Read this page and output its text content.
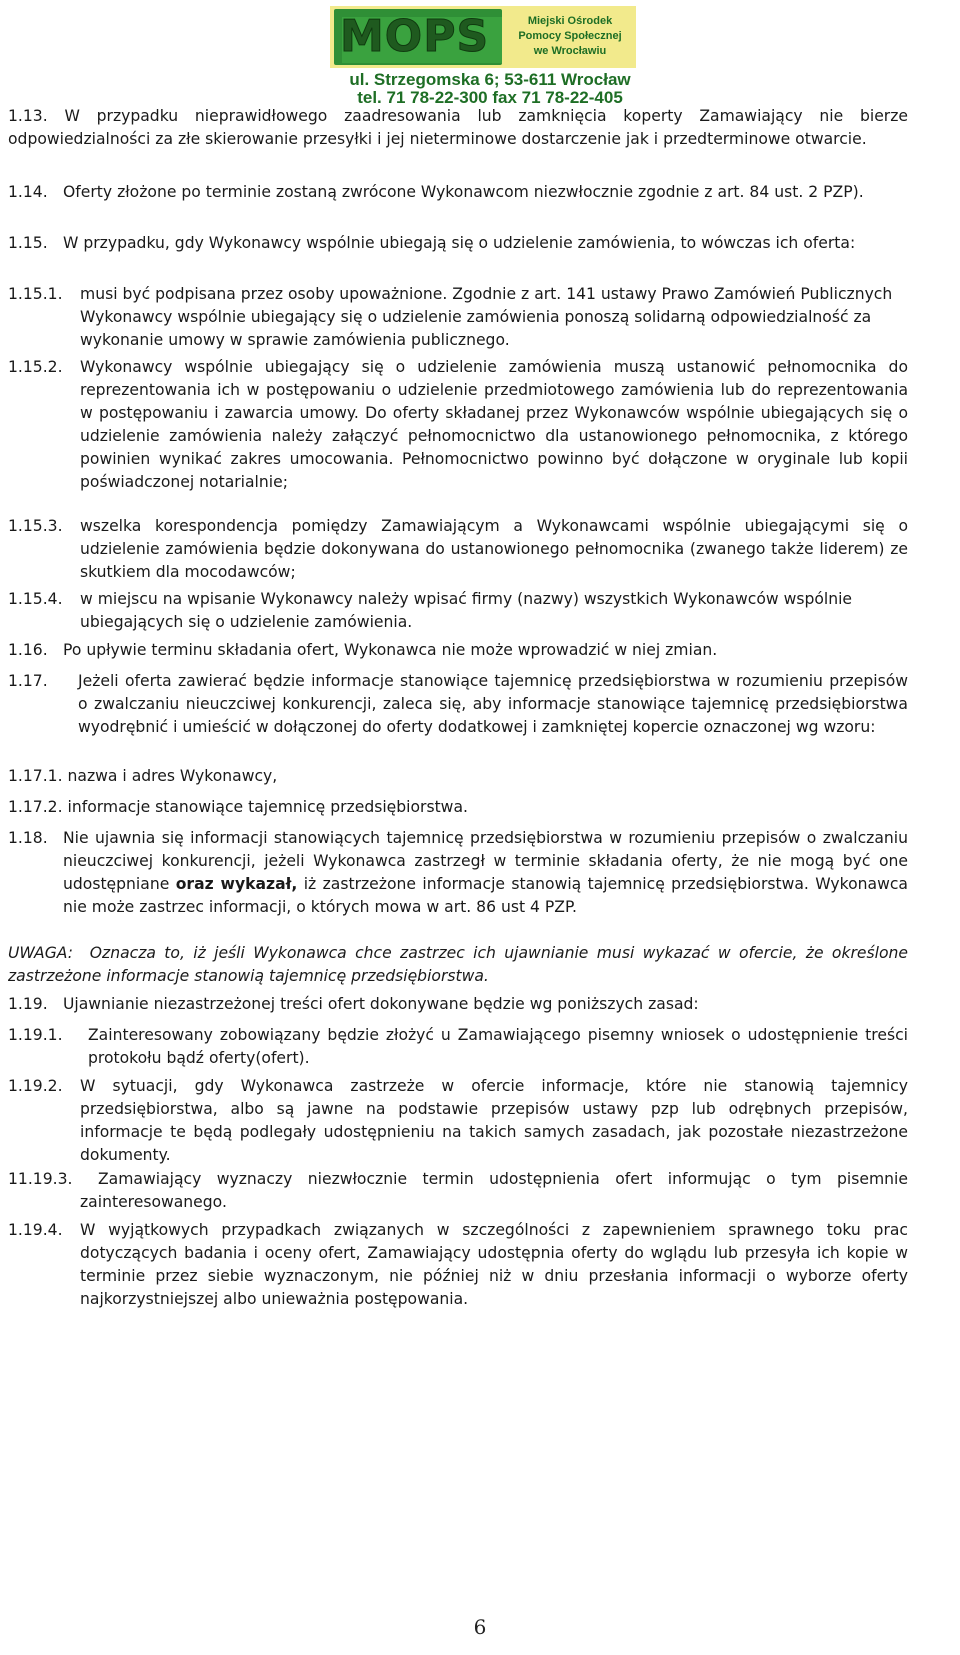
MOPS	Miejski Ośrodek
Pomocy Społecznej
we Wrocławiu
ul. Strzegomska 6; 53-611 Wrocław
tel. 71 78-22-300 fax 71 78-22-405
1.13. W przypadku nieprawidłowego zaadresowania lub zamknięcia koperty Zamawiający nie bierze odpowiedzialności za złe skierowanie przesyłki i jej nieterminowe dostarczenie jak i przedterminowe otwarcie.
1.14. Oferty złożone po terminie zostaną zwrócone Wykonawcom niezwłocznie zgodnie z art. 84 ust. 2 PZP).
1.15. W przypadku, gdy Wykonawcy wspólnie ubiegają się o udzielenie zamówienia, to wówczas ich oferta:
1.15.1. musi być podpisana przez osoby upoważnione. Zgodnie z art. 141 ustawy Prawo Zamówień Publicznych Wykonawcy wspólnie ubiegający się o udzielenie zamówienia ponoszą solidarną odpowiedzialność za wykonanie umowy w sprawie zamówienia publicznego.
1.15.2. Wykonawcy wspólnie ubiegający się o udzielenie zamówienia muszą ustanowić pełnomocnika do reprezentowania ich w postępowaniu o udzielenie przedmiotowego zamówienia lub do reprezentowania w postępowaniu i zawarcia umowy. Do oferty składanej przez Wykonawców wspólnie ubiegających się o udzielenie zamówienia należy załączyć pełnomocnictwo dla ustanowionego pełnomocnika, z którego powinien wynikać zakres umocowania. Pełnomocnictwo powinno być dołączone w oryginale lub kopii poświadczonej notarialnie;
1.15.3. wszelka korespondencja pomiędzy Zamawiającym a Wykonawcami wspólnie ubiegającymi się o udzielenie zamówienia będzie dokonywana do ustanowionego pełnomocnika (zwanego także liderem) ze skutkiem dla mocodawców;
1.15.4. w miejscu na wpisanie Wykonawcy należy wpisać firmy (nazwy) wszystkich Wykonawców wspólnie ubiegających się o udzielenie zamówienia.
1.16. Po upływie terminu składania ofert, Wykonawca nie może wprowadzić w niej zmian.
1.17. Jeżeli oferta zawierać będzie informacje stanowiące tajemnicę przedsiębiorstwa w rozumieniu przepisów o zwalczaniu nieuczciwej konkurencji, zaleca się, aby informacje stanowiące tajemnicę przedsiębiorstwa wyodrębnić i umieścić w dołączonej do oferty dodatkowej i zamkniętej kopercie oznaczonej wg wzoru:
1.17.1. nazwa i adres Wykonawcy,
1.17.2. informacje stanowiące tajemnicę przedsiębiorstwa.
1.18. Nie ujawnia się informacji stanowiących tajemnicę przedsiębiorstwa w rozumieniu przepisów o zwalczaniu nieuczciwej konkurencji, jeżeli Wykonawca zastrzegł w terminie składania oferty, że nie mogą być one udostępniane oraz wykazał, iż zastrzeżone informacje stanowią tajemnicę przedsiębiorstwa. Wykonawca nie może zastrzec informacji, o których mowa w art. 86 ust 4 PZP.
UWAGA: Oznacza to, iż jeśli Wykonawca chce zastrzec ich ujawnianie musi wykazać w ofercie, że określone zastrzeżone informacje stanowią tajemnicę przedsiębiorstwa.
1.19. Ujawnianie niezastrzeżonej treści ofert dokonywane będzie wg poniższych zasad:
1.19.1. Zainteresowany zobowiązany będzie złożyć u Zamawiającego pisemny wniosek o udostępnienie treści protokołu bądź oferty(ofert).
1.19.2. W sytuacji, gdy Wykonawca zastrzeże w ofercie informacje, które nie stanowią tajemnicy przedsiębiorstwa, albo są jawne na podstawie przepisów ustawy pzp lub odrębnych przepisów, informacje te będą podlegały udostępnieniu na takich samych zasadach, jak pozostałe niezastrzeżone dokumenty.
11.19.3.	Zamawiający wyznaczy niezwłocznie termin udostępnienia ofert informując o tym pisemnie zainteresowanego.
1.19.4. W wyjątkowych przypadkach związanych w szczególności z zapewnieniem sprawnego toku prac dotyczących badania i oceny ofert, Zamawiający udostępnia oferty do wglądu lub przesyła ich kopie w terminie przez siebie wyznaczonym, nie później niż w dniu przesłania informacji o wyborze oferty najkorzystniejszej albo unieważnia postępowania.
6
